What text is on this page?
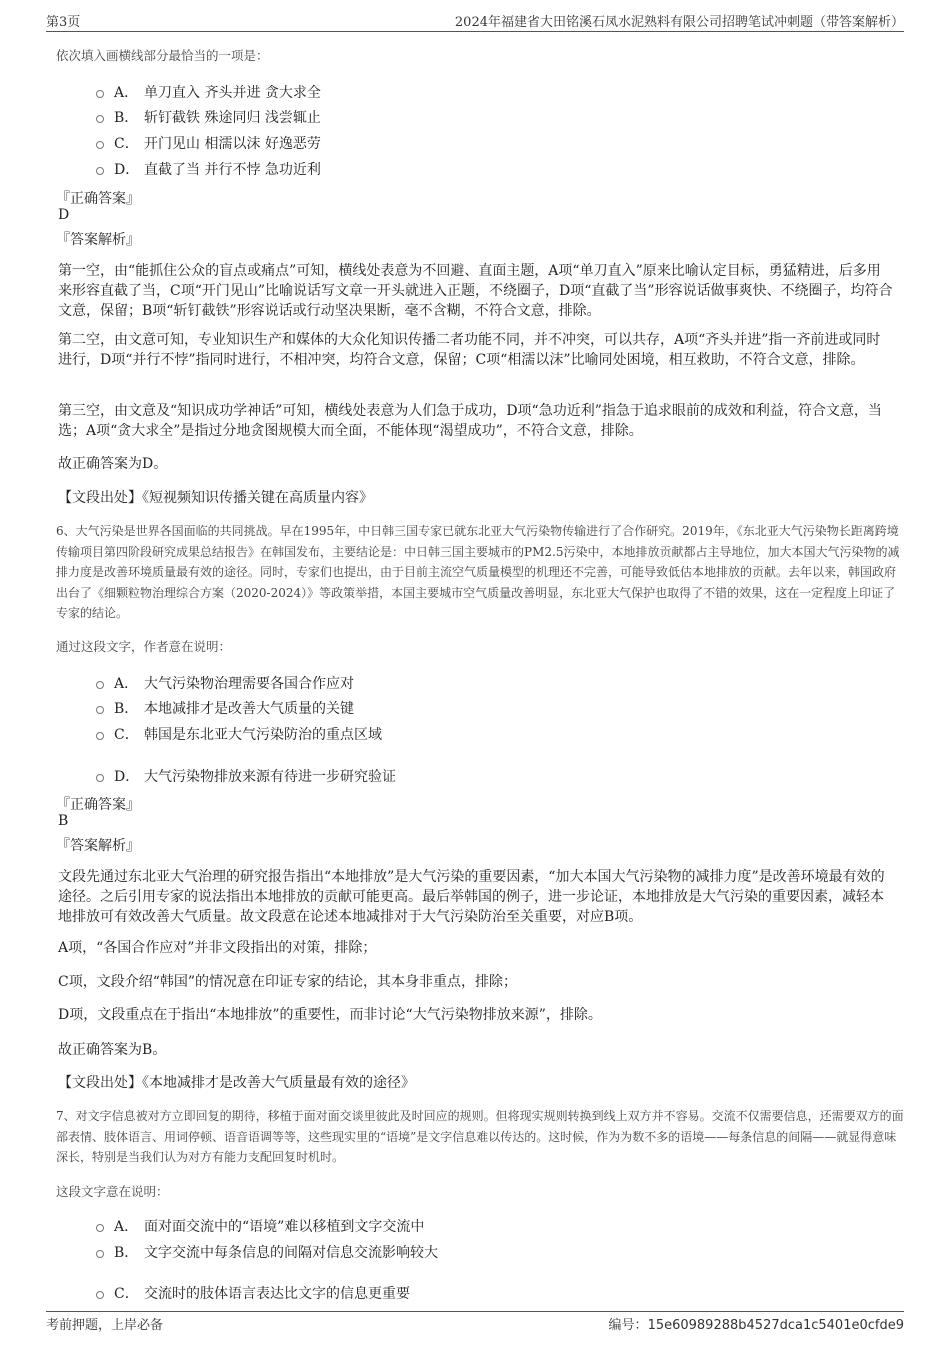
第3页	2024年福建省大田铭溪石凤水泥熟料有限公司招聘笔试冲刺题（带答案解析）
依次填入画横线部分最恰当的一项是：
A． 单刀直入 齐头并进 贪大求全
B． 斩钉截铁 殊途同归 浅尝辄止
C． 开门见山 相濡以沫 好逸恶劳
D． 直截了当 并行不悖 急功近利
『正确答案』
D
『答案解析』
第一空，由“能抓住公众的盲点或痛点”可知，横线处表意为不回避、直面主题，A项“单刀直入”原来比喻认定目标，勇猛精进，后多用来形容直截了当，C项“开门见山”比喻说话写文章一开头就进入正题，不绕圈子，D项“直截了当”形容说话做事爽快、不绕圈子，均符合文意，保留；B项“斩钉截铁”形容说话或行动坚决果断，毫不含糊，不符合文意，排除。
第二空，由文意可知，专业知识生产和媒体的大众化知识传播二者功能不同，并不冲突，可以共存，A项“齐头并进”指一齐前进或同时进行，D项“并行不悖”指同时进行，不相冲突，均符合文意，保留；C项“相濡以沫”比喻同处困境，相互救助，不符合文意，排除。
第三空，由文意及“知识成功学神话”可知，横线处表意为人们急于成功，D项“急功近利”指急于追求眼前的成效和利益，符合文意，当选；A项“贪大求全”是指过分地贪图规模大而全面，不能体现“渴望成功”，不符合文意，排除。
故正确答案为D。
【文段出处】《短视频知识传播关键在高质量内容》
6、大气污染是世界各国面临的共同挑战。早在1995年，中日韩三国专家已就东北亚大气污染物传输进行了合作研究。2019年，《东北亚大气污染物长距离跨境传输项目第四阶段研究成果总结报告》在韩国发布，主要结论是：中日韩三国主要城市的PM2.5污染中，本地排放贡献都占主导地位，加大本国大气污染物的减排力度是改善环境质量最有效的途径。同时，专家们也提出，由于目前主流空气质量模型的机理还不完善，可能导致低估本地排放的贡献。去年以来，韩国政府出台了《细颗粒物治理综合方案（2020-2024）》等政策举措，本国主要城市空气质量改善明显，东北亚大气保护也取得了不错的效果，这在一定程度上印证了专家的结论。
通过这段文字，作者意在说明：
A． 大气污染物治理需要各国合作应对
B． 本地减排才是改善大气质量的关键
C． 韩国是东北亚大气污染防治的重点区域
D． 大气污染物排放来源有待进一步研究验证
『正确答案』
B
『答案解析』
文段先通过东北亚大气治理的研究报告指出“本地排放”是大气污染的重要因素，“加大本国大气污染物的减排力度”是改善环境最有效的途径。之后引用专家的说法指出本地排放的贡献可能更高。最后举韩国的例子，进一步论证，本地排放是大气污染的重要因素，减轻本地排放可有效改善大气质量。故文段意在论述本地减排对于大气污染防治至关重要，对应B项。
A项，“各国合作应对”并非文段指出的对策，排除；
C项，文段介绍“韩国”的情况意在印证专家的结论，其本身非重点，排除；
D项，文段重点在于指出“本地排放”的重要性，而非讨论“大气污染物排放来源”，排除。
故正确答案为B。
【文段出处】《本地减排才是改善大气质量最有效的途径》
7、对文字信息被对方立即回复的期待，移植于面对面交谈里彼此及时回应的规则。但将现实规则转换到线上双方并不容易。交流不仅需要信息，还需要双方的面部表情、肢体语言、用词停顿、语音语调等等，这些现实里的“语境”是文字信息难以传达的。这时候，作为为数不多的语境——每条信息的间隔——就显得意味深长，特别是当我们认为对方有能力支配回复时机时。
这段文字意在说明：
A． 面对面交流中的“语境”难以移植到文字交流中
B． 文字交流中每条信息的间隔对信息交流影响较大
C． 交流时的肢体语言表达比文字的信息更重要
考前押题，上岸必备	编号：15e60989288b4527dca1c5401e0cfde9
